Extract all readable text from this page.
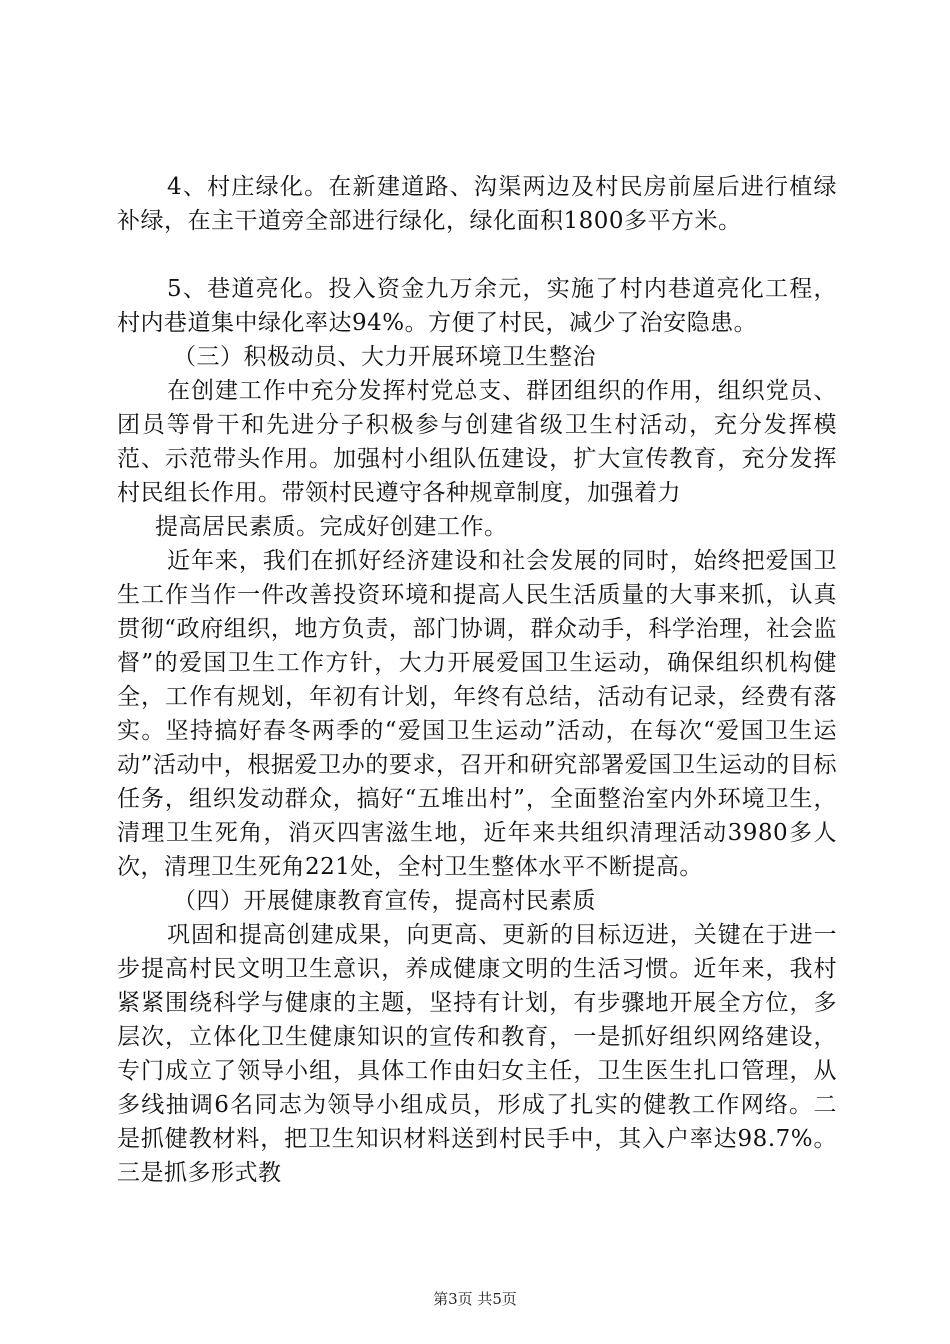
4、村庄绿化。在新建道路、沟渠两边及村民房前屋后进行植绿补绿，在主干道旁全部进行绿化，绿化面积1800多平方米。

5、巷道亮化。投入资金九万余元，实施了村内巷道亮化工程，村内巷道集中绿化率达94%。方便了村民，减少了治安隐患。

（三）积极动员、大力开展环境卫生整治

在创建工作中充分发挥村党总支、群团组织的作用，组织党员、团员等骨干和先进分子积极参与创建省级卫生村活动，充分发挥模范、示范带头作用。加强村小组队伍建设，扩大宣传教育，充分发挥村民组长作用。带领村民遵守各种规章制度，加强着力

提高居民素质。完成好创建工作。

近年来，我们在抓好经济建设和社会发展的同时，始终把爱国卫生工作当作一件改善投资环境和提高人民生活质量的大事来抓，认真贯彻“政府组织，地方负责，部门协调，群众动手，科学治理，社会监督”的爱国卫生工作方针，大力开展爱国卫生运动，确保组织机构健全，工作有规划，年初有计划，年终有总结，活动有记录，经费有落实。坚持搞好春冬两季的“爱国卫生运动”活动，在每次“爱国卫生运动”活动中，根据爱卫办的要求，召开和研究部署爱国卫生运动的目标任务，组织发动群众，搞好“五堆出村”，全面整治室内外环境卫生，清理卫生死角，消灭四害滋生地，近年来共组织清理活动3980多人次，清理卫生死角221处，全村卫生整体水平不断提高。

（四）开展健康教育宣传，提高村民素质

巩固和提高创建成果，向更高、更新的目标迈进，关键在于进一步提高村民文明卫生意识，养成健康文明的生活习惯。近年来，我村紧紧围绕科学与健康的主题，坚持有计划，有步骤地开展全方位，多层次，立体化卫生健康知识的宣传和教育，一是抓好组织网络建设，专门成立了领导小组，具体工作由妇女主任，卫生医生扎口管理，从多线抽调6名同志为领导小组成员，形成了扎实的健教工作网络。二是抓健教材料，把卫生知识材料送到村民手中，其入户率达98.7%。三是抓多形式教

第3页 共5页
